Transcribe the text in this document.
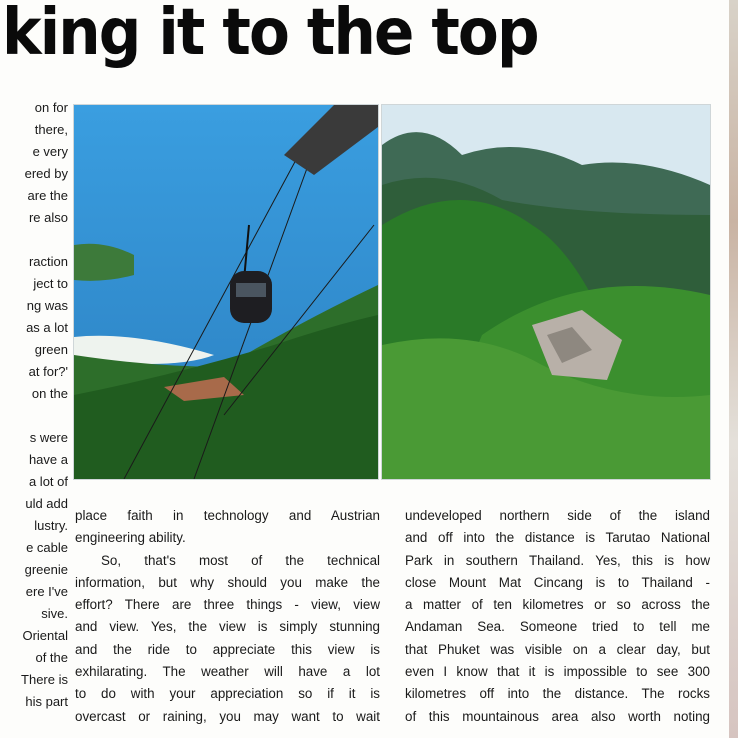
king it to the top
on for
there,
e very
ered by
are the
re also
raction
ject to
ng was
as a lot
green
at for?'
on the
s were
have a
a lot of
uld add
lustry.
e cable
greenie
ere I've
sive.
Oriental
of the
There is
his part
place faith in technology and Austrian
engineering ability.
So, that's most of the technical
information, but why should you make the
effort? There are three things - view, view
and view. Yes, the view is simply stunning
and the ride to appreciate this view is
exhilarating. The weather will have a lot
to do with your appreciation so if it is
overcast or raining, you may want to wait
undeveloped northern side of the island
and off into the distance is Tarutao National
Park in southern Thailand. Yes, this is how
close Mount Mat Cincang is to Thailand -
a matter of ten kilometres or so across the
Andaman Sea. Someone tried to tell me
that Phuket was visible on a clear day, but
even I know that it is impossible to see 300
kilometres off into the distance. The rocks
of this mountainous area also worth noting
